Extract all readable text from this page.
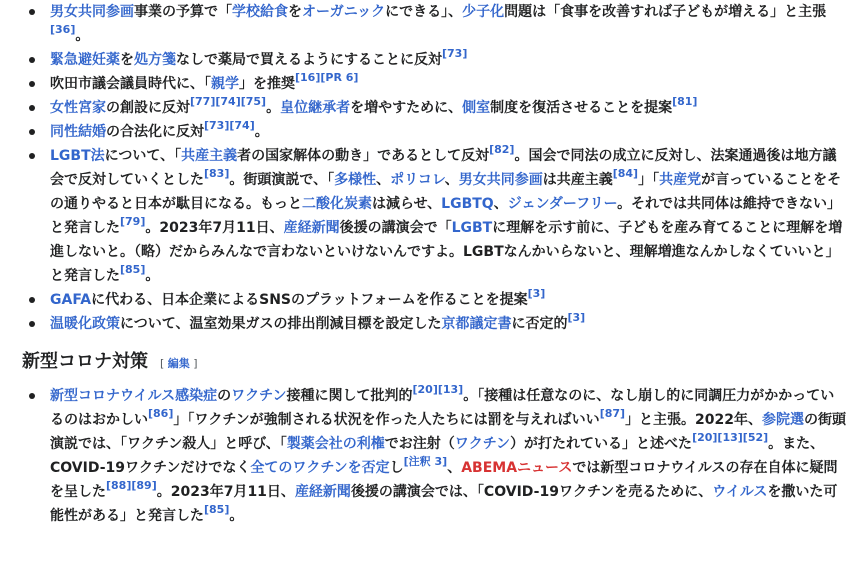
男女共同参画事業の予算で「学校給食をオーガニックにできる」、少子化問題は「食事を改善すれば子どもが増える」と主張[36]。
緊急避妊薬を処方箋なしで薬局で買えるようにすることに反対[73]
吹田市議会議員時代に、「親学」を推奨[16][PR 6]
女性宮家の創設に反対[77][74][75]。皇位継承者を増やすために、側室制度を復活させることを提案[81]
同性結婚の合法化に反対[73][74]。
LGBT法について、「共産主義者の国家解体の動き」であるとして反対[82]。国会で同法の成立に反対し、法案通過後は地方議会で反対していくとした[83]。街頭演説で、「多様性、ポリコレ、男女共同参画は共産主義[84]」「共産党が言っていることをその通りやると日本が駄目になる。もっと二酸化炭素は減らせ、LGBTQ、ジェンダーフリー。それでは共同体は維持できない」と発言した[79]。2023年7月11日、産経新聞後援の講演会で「LGBTに理解を示す前に、子どもを産み育てることに理解を増進しないと。（略）だからみんなで言わないといけないんですよ。LGBTなんかいらないと、理解増進なんかしなくていいと」と発言した[85]。
GAFAに代わる、日本企業によるSNSのプラットフォームを作ることを提案[3]
温暖化政策について、温室効果ガスの排出削減目標を設定した京都議定書に否定的[3]
新型コロナ対策 [ 編集 ]
新型コロナウイルス感染症のワクチン接種に関して批判的[20][13]。「接種は任意なのに、なし崩し的に同調圧力がかかっているのはおかしい[86]」「ワクチンが強制される状況を作った人たちには罰を与えればいい[87]」と主張。2022年、参院選の街頭演説では、「ワクチン殺人」と呼び、「製薬会社の利権でお注射（ワクチン）が打たれている」と述べた[20][13][52]。また、COVID-19ワクチンだけでなく全てのワクチンを否定し[注釈 3]、ABEMAニュースでは新型コロナウイルスの存在自体に疑問を呈した[88][89]。2023年7月11日、産経新聞後援の講演会では、「COVID-19ワクチンを売るために、ウイルスを撒いた可能性がある」と発言した[85]。
